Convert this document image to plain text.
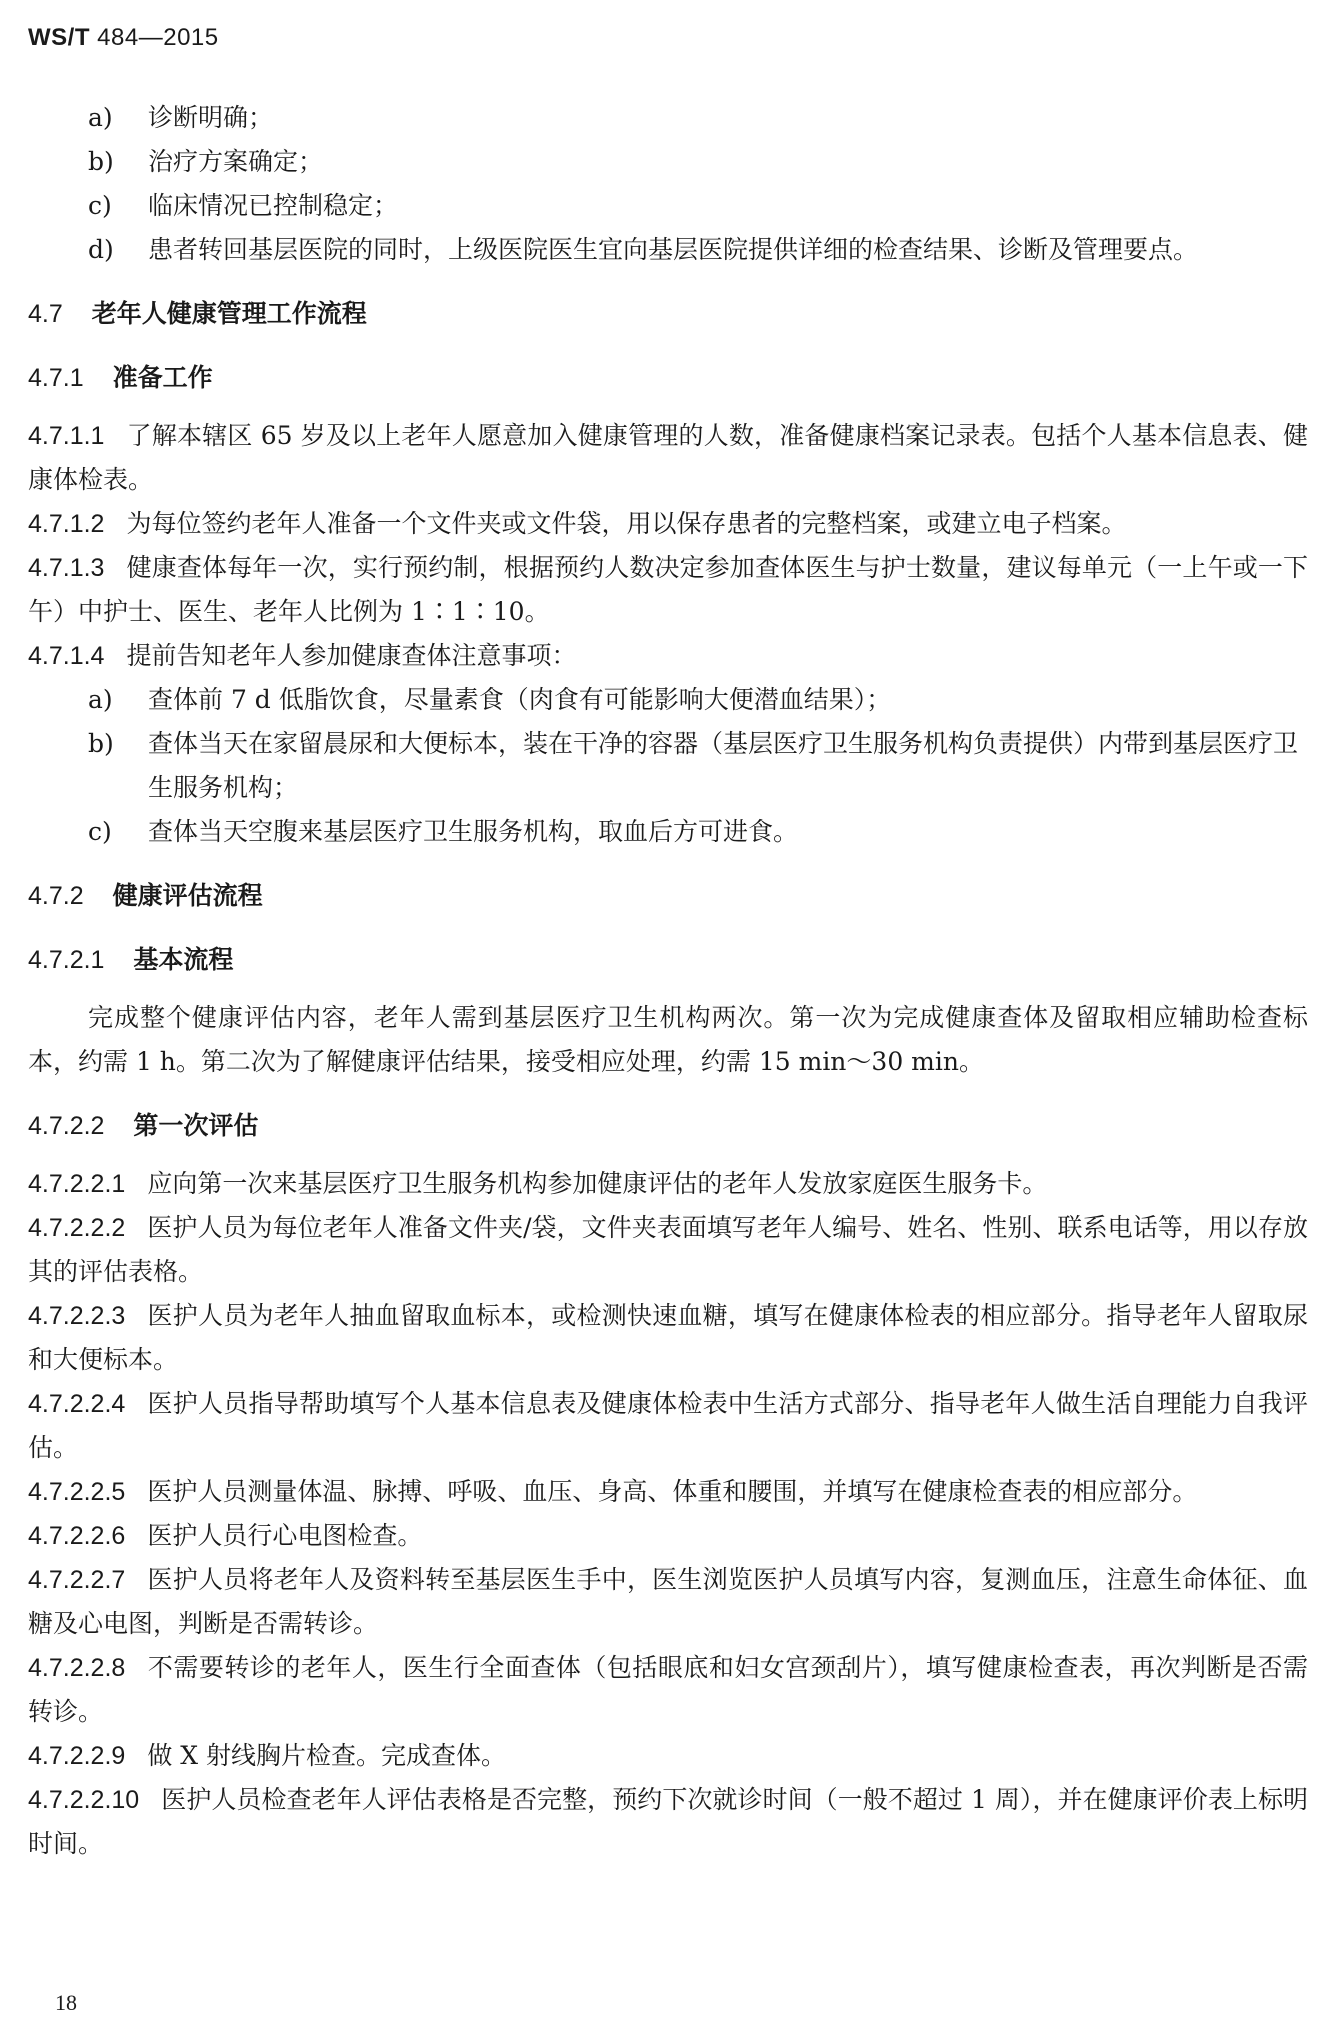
WS/T 484—2015
a)	诊断明确；
b)	治疗方案确定；
c)	临床情况已控制稳定；
d)	患者转回基层医院的同时，上级医院医生宜向基层医院提供详细的检查结果、诊断及管理要点。
4.7 老年人健康管理工作流程
4.7.1 准备工作
4.7.1.1 了解本辖区 65 岁及以上老年人愿意加入健康管理的人数，准备健康档案记录表。包括个人基本信息表、健康体检表。
4.7.1.2 为每位签约老年人准备一个文件夹或文件袋，用以保存患者的完整档案，或建立电子档案。
4.7.1.3 健康查体每年一次，实行预约制，根据预约人数决定参加查体医生与护士数量，建议每单元（一上午或一下午）中护士、医生、老年人比例为 1∶1∶10。
4.7.1.4 提前告知老年人参加健康查体注意事项：
a)	查体前 7 d 低脂饮食，尽量素食（肉食有可能影响大便潜血结果）；
b)	查体当天在家留晨尿和大便标本，装在干净的容器（基层医疗卫生服务机构负责提供）内带到基层医疗卫生服务机构；
c)	查体当天空腹来基层医疗卫生服务机构，取血后方可进食。
4.7.2 健康评估流程
4.7.2.1 基本流程
完成整个健康评估内容，老年人需到基层医疗卫生机构两次。第一次为完成健康查体及留取相应辅助检查标本，约需 1 h。第二次为了解健康评估结果，接受相应处理，约需 15 min～30 min。
4.7.2.2 第一次评估
4.7.2.2.1 应向第一次来基层医疗卫生服务机构参加健康评估的老年人发放家庭医生服务卡。
4.7.2.2.2 医护人员为每位老年人准备文件夹/袋，文件夹表面填写老年人编号、姓名、性别、联系电话等，用以存放其的评估表格。
4.7.2.2.3 医护人员为老年人抽血留取血标本，或检测快速血糖，填写在健康体检表的相应部分。指导老年人留取尿和大便标本。
4.7.2.2.4 医护人员指导帮助填写个人基本信息表及健康体检表中生活方式部分、指导老年人做生活自理能力自我评估。
4.7.2.2.5 医护人员测量体温、脉搏、呼吸、血压、身高、体重和腰围，并填写在健康检查表的相应部分。
4.7.2.2.6 医护人员行心电图检查。
4.7.2.2.7 医护人员将老年人及资料转至基层医生手中，医生浏览医护人员填写内容，复测血压，注意生命体征、血糖及心电图，判断是否需转诊。
4.7.2.2.8 不需要转诊的老年人，医生行全面查体（包括眼底和妇女宫颈刮片），填写健康检查表，再次判断是否需转诊。
4.7.2.2.9 做 X 射线胸片检查。完成查体。
4.7.2.2.10 医护人员检查老年人评估表格是否完整，预约下次就诊时间（一般不超过 1 周），并在健康评价表上标明时间。
18
